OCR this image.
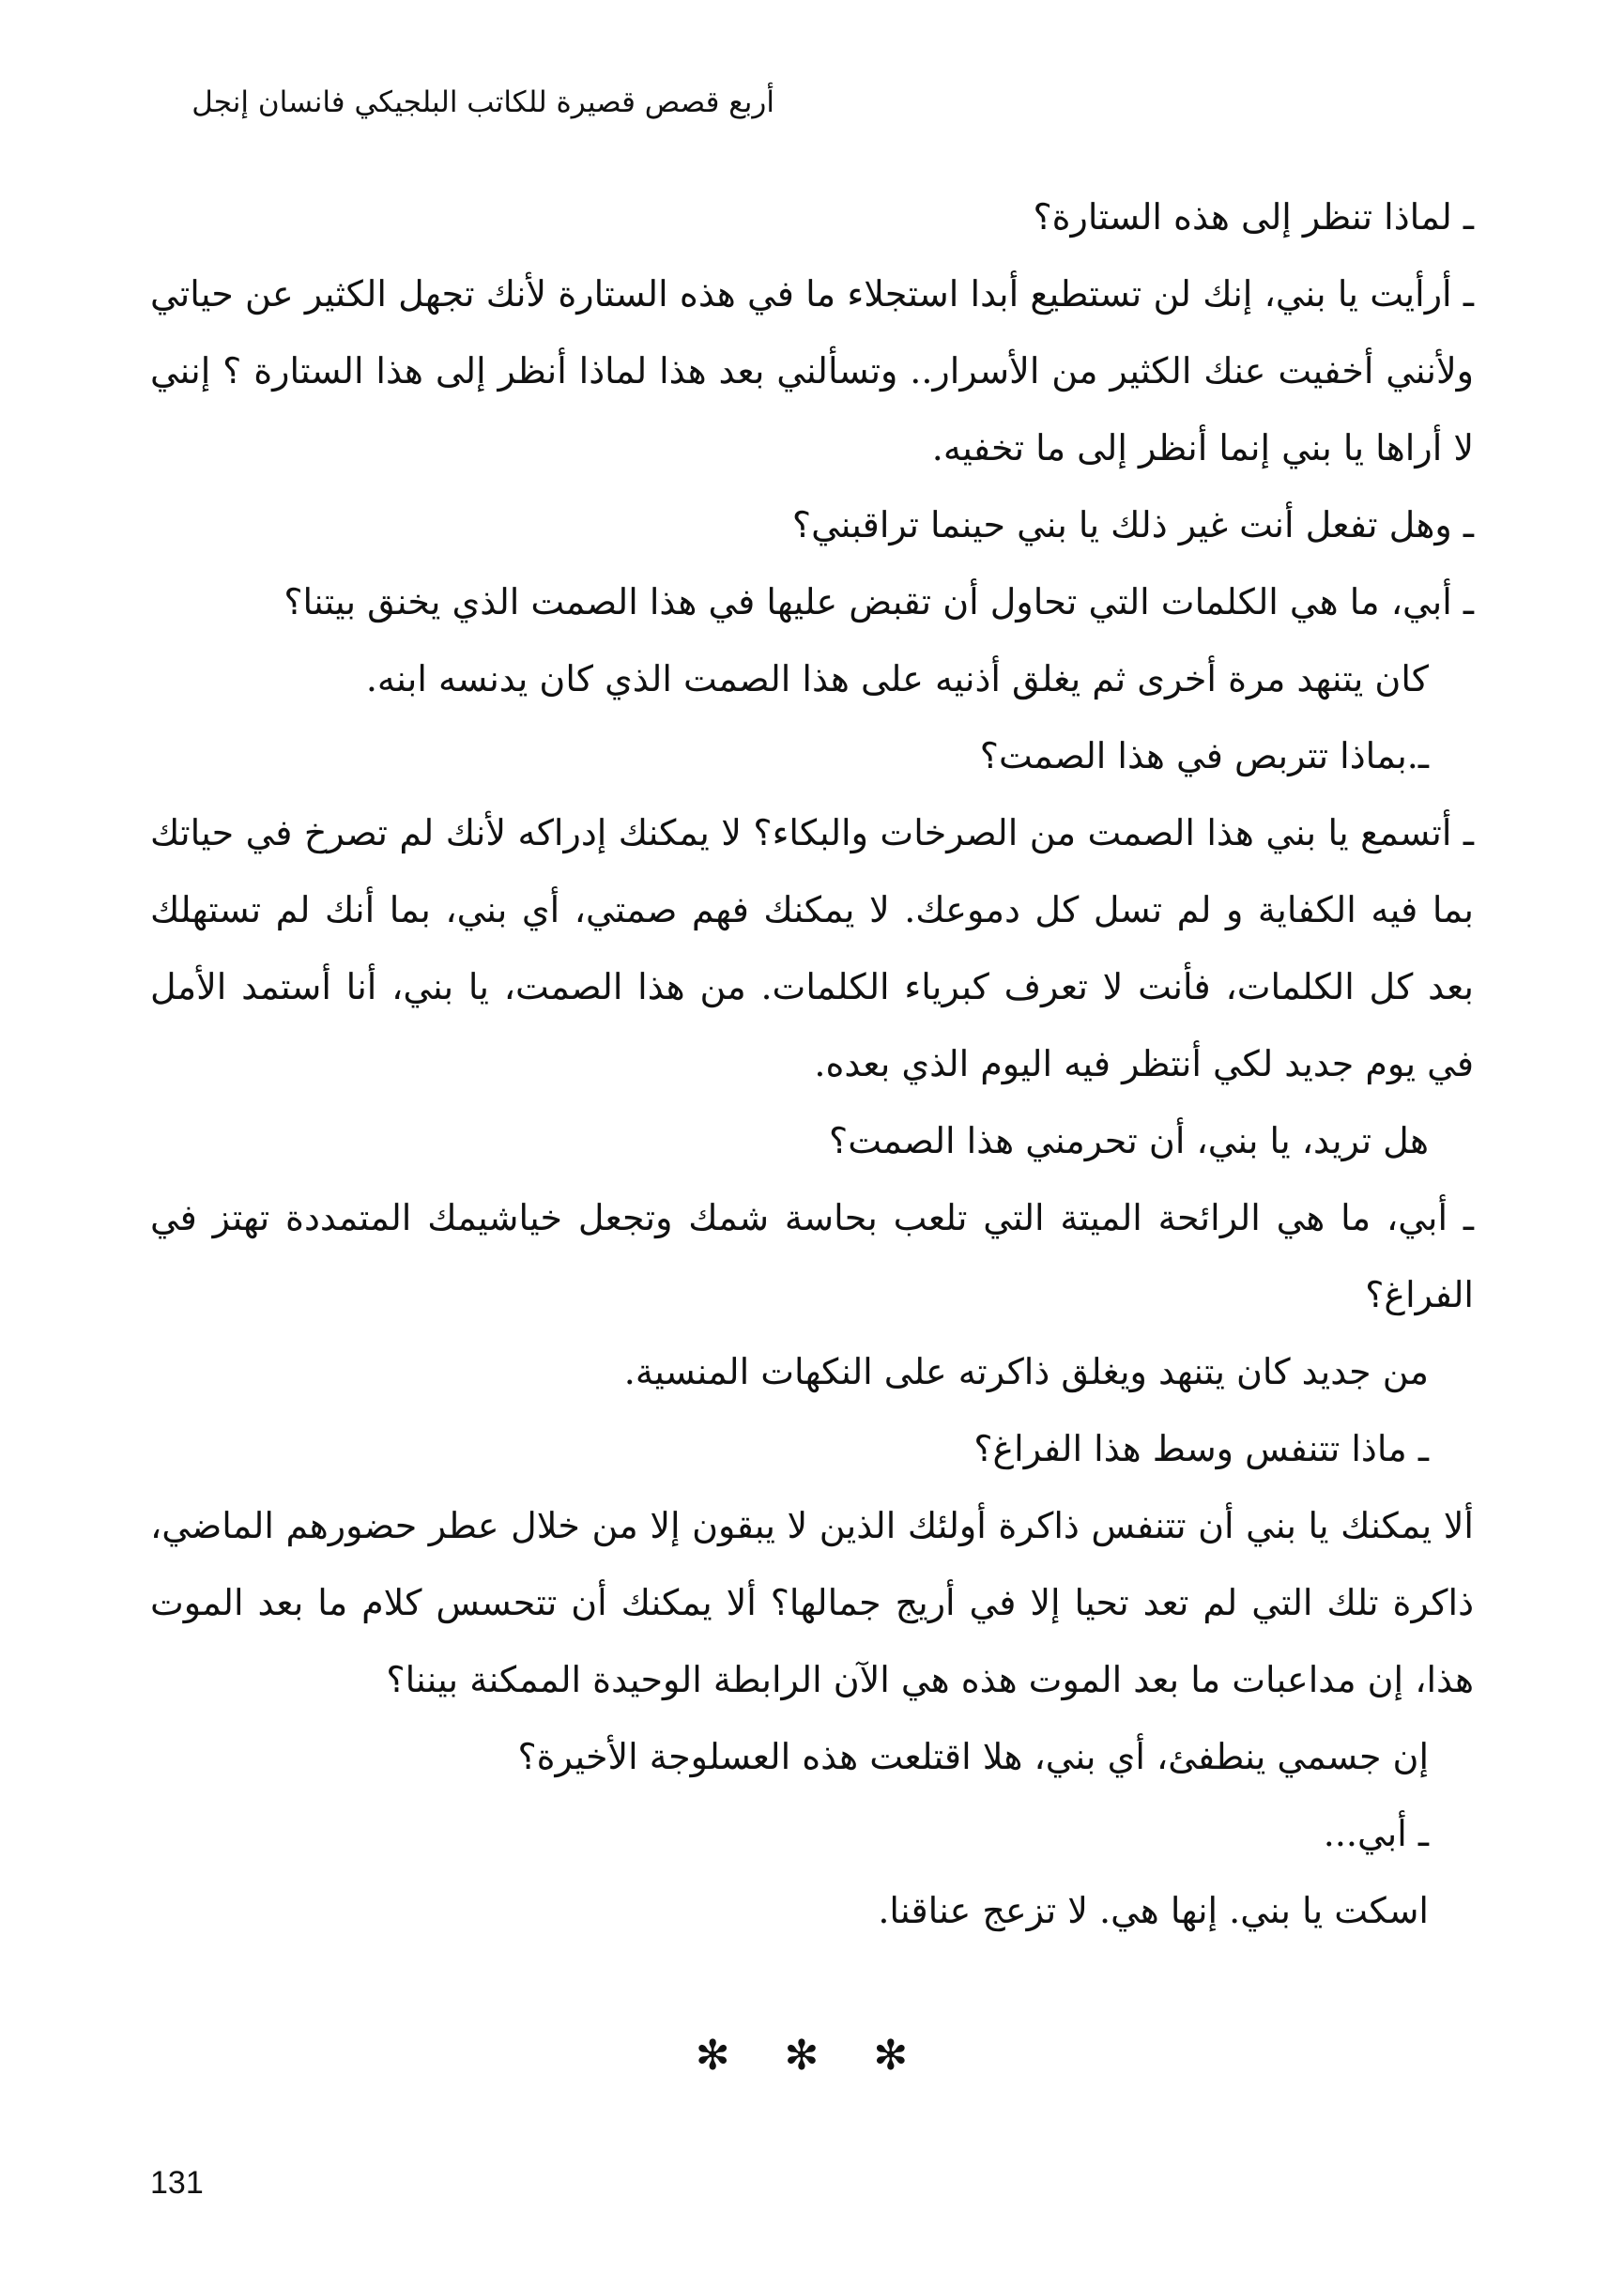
أربع قصص قصيرة للكاتب البلجيكي فانسان إنجل

ـ لماذا تنظر إلى هذه الستارة؟

ـ أرأيت يا بني، إنك لن تستطيع أبدا استجلاء ما في هذه الستارة لأنك تجهل الكثير عن حياتي ولأنني أخفيت عنك الكثير من الأسرار.. وتسألني بعد هذا لماذا أنظر إلى هذا الستارة ؟ إنني لا أراها يا بني إنما أنظر إلى ما تخفيه.

ـ وهل تفعل أنت غير ذلك يا بني حينما تراقبني؟

ـ أبي، ما هي الكلمات التي تحاول أن تقبض عليها في هذا الصمت الذي يخنق بيتنا؟

كان يتنهد مرة أخرى ثم يغلق أذنيه على هذا الصمت الذي كان يدنسه ابنه.

ـ.بماذا تتربص في هذا الصمت؟

ـ أتسمع يا بني هذا الصمت من الصرخات والبكاء؟ لا يمكنك إدراكه لأنك لم تصرخ في حياتك بما فيه الكفاية و لم تسل كل دموعك. لا يمكنك فهم صمتي، أي بني، بما أنك لم تستهلك بعد كل الكلمات، فأنت لا تعرف كبرياء الكلمات. من هذا الصمت، يا بني، أنا أستمد الأمل في يوم جديد لكي أنتظر فيه اليوم الذي بعده.

هل تريد، يا بني، أن تحرمني هذا الصمت؟

ـ أبي، ما هي الرائحة الميتة التي تلعب بحاسة شمك وتجعل خياشيمك المتمددة تهتز في الفراغ؟

من جديد كان يتنهد ويغلق ذاكرته على النكهات المنسية.

ـ ماذا تتنفس وسط هذا الفراغ؟

ألا يمكنك يا بني أن تتنفس ذاكرة أولئك الذين لا يبقون إلا من خلال عطر حضورهم الماضي، ذاكرة تلك التي لم تعد تحيا إلا في أريج جمالها؟ ألا يمكنك أن تتحسس كلام ما بعد الموت هذا، إن مداعبات ما بعد الموت هذه هي الآن الرابطة الوحيدة الممكنة بيننا؟

إن جسمي ينطفئ، أي بني، هلا اقتلعت هذه العسلوجة الأخيرة؟

ـ أبي...

اسكت يا بني. إنها هي. لا تزعج عناقنا.

✻ ✻ ✻
131
